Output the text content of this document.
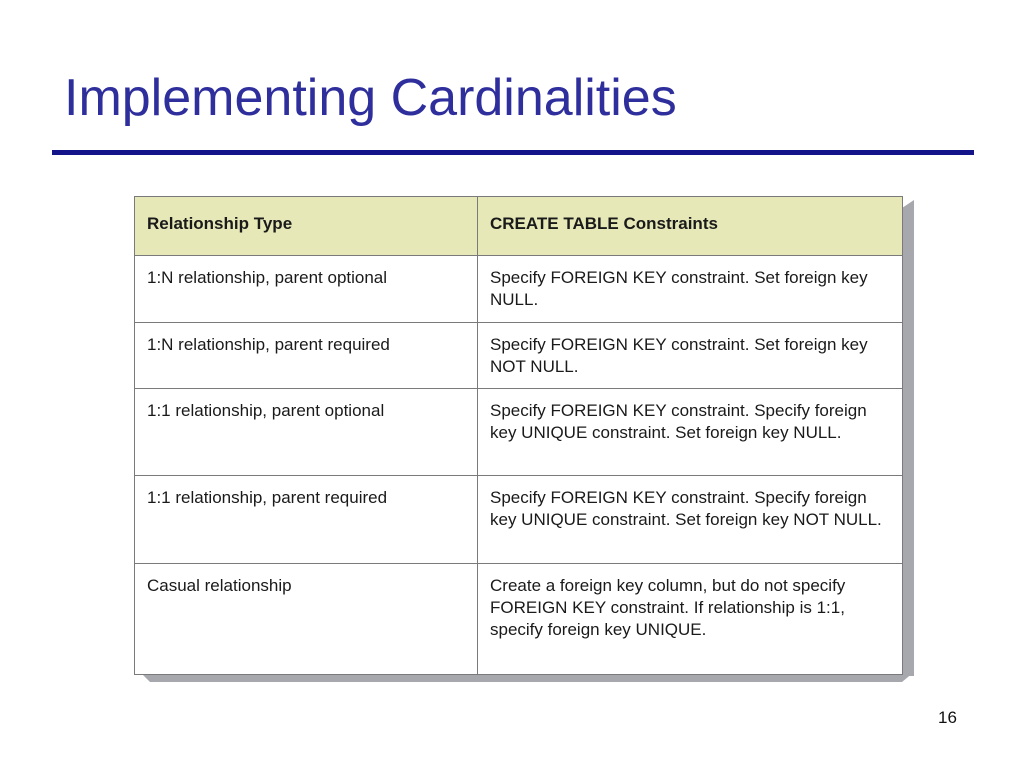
Implementing Cardinalities
Relationship Type	CREATE TABLE Constraints
1:N relationship, parent optional	Specify FOREIGN KEY constraint. Set foreign key NULL.
1:N relationship, parent required	Specify FOREIGN KEY constraint. Set foreign key NOT NULL.
1:1 relationship, parent optional	Specify FOREIGN KEY constraint. Specify foreign key UNIQUE constraint. Set foreign key NULL.
1:1 relationship, parent required	Specify FOREIGN KEY constraint. Specify foreign key UNIQUE constraint. Set foreign key NOT NULL.
Casual relationship	Create a foreign key column, but do not specify FOREIGN KEY constraint. If relationship is 1:1, specify foreign key UNIQUE.
16
